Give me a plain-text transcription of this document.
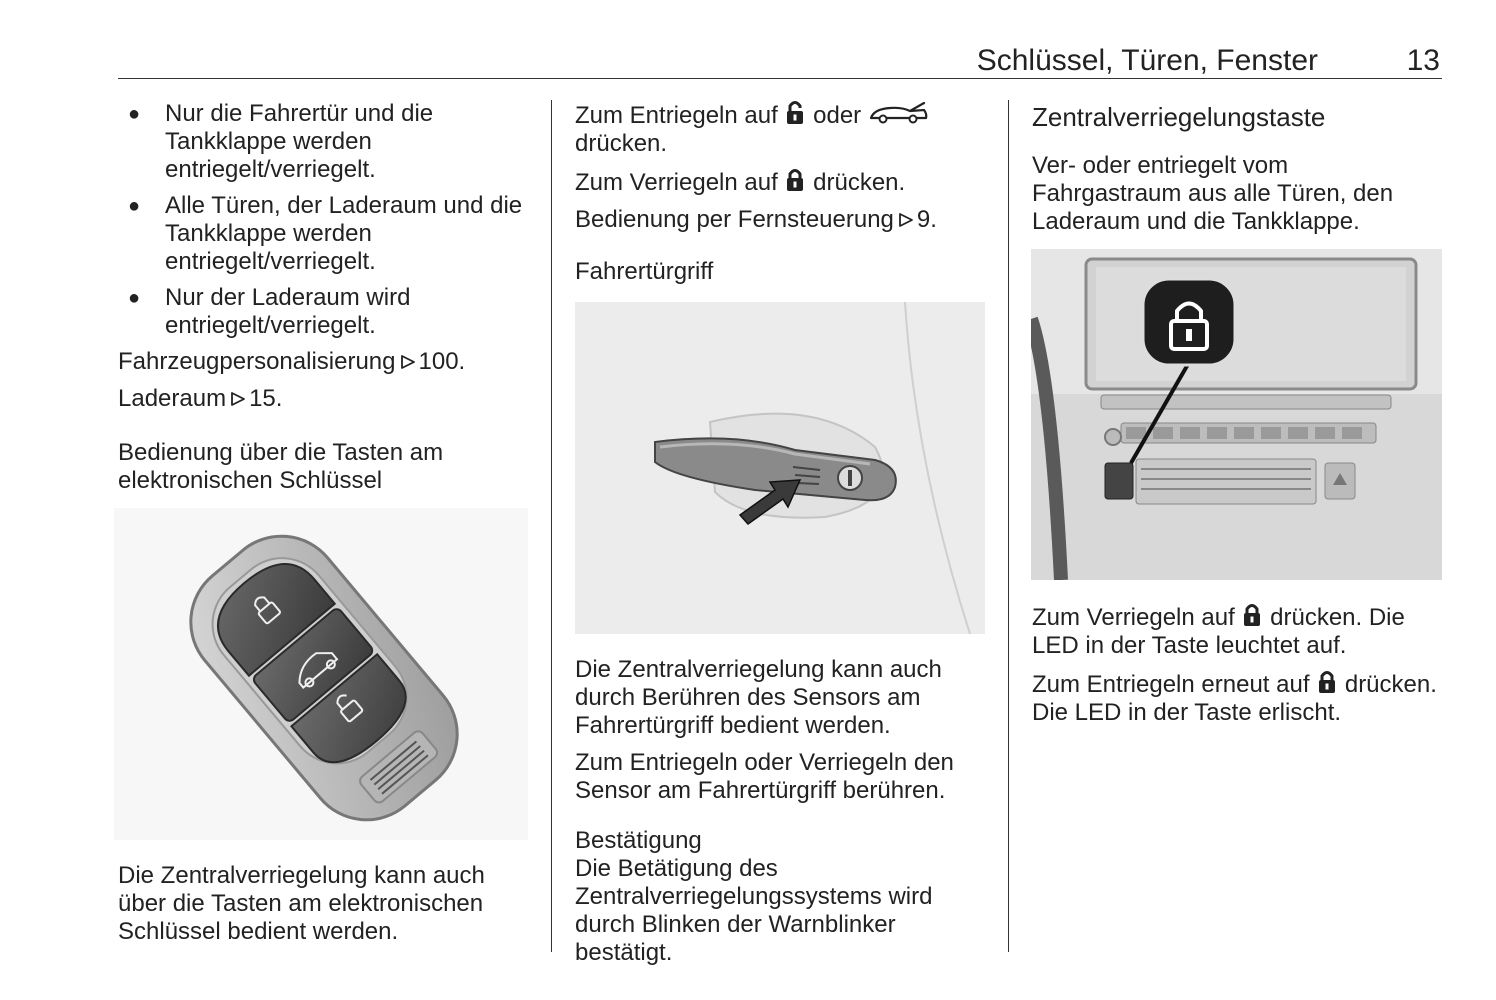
Schlüssel, Türen, Fenster	13
● Nur die Fahrertür und die Tankklappe werden entriegelt/verriegelt.
● Alle Türen, der Laderaum und die Tankklappe werden entriegelt/verriegelt.
● Nur der Laderaum wird entriegelt/verriegelt.

Fahrzeugpersonalisierung 100.

Laderaum 15.

Bedienung über die Tasten am elektronischen Schlüssel

Die Zentralverriegelung kann auch über die Tasten am elektronischen Schlüssel bedient werden.

Zum Entriegeln auf oder  drücken.

Zum Verriegeln auf drücken.

Bedienung per Fernsteuerung 9.

Fahrertürgriff

Die Zentralverriegelung kann auch durch Berühren des Sensors am Fahrertürgriff bedient werden.

Zum Entriegeln oder Verriegeln den Sensor am Fahrertürgriff berühren.

Bestätigung

Die Betätigung des Zentralverriegelungssystems wird durch Blinken der Warnblinker bestätigt.

Zentralverriegelungstaste

Ver- oder entriegelt vom Fahrgastraum aus alle Türen, den Laderaum und die Tankklappe.

Zum Verriegeln auf drücken. Die LED in der Taste leuchtet auf.

Zum Entriegeln erneut auf drücken. Die LED in der Taste erlischt.
